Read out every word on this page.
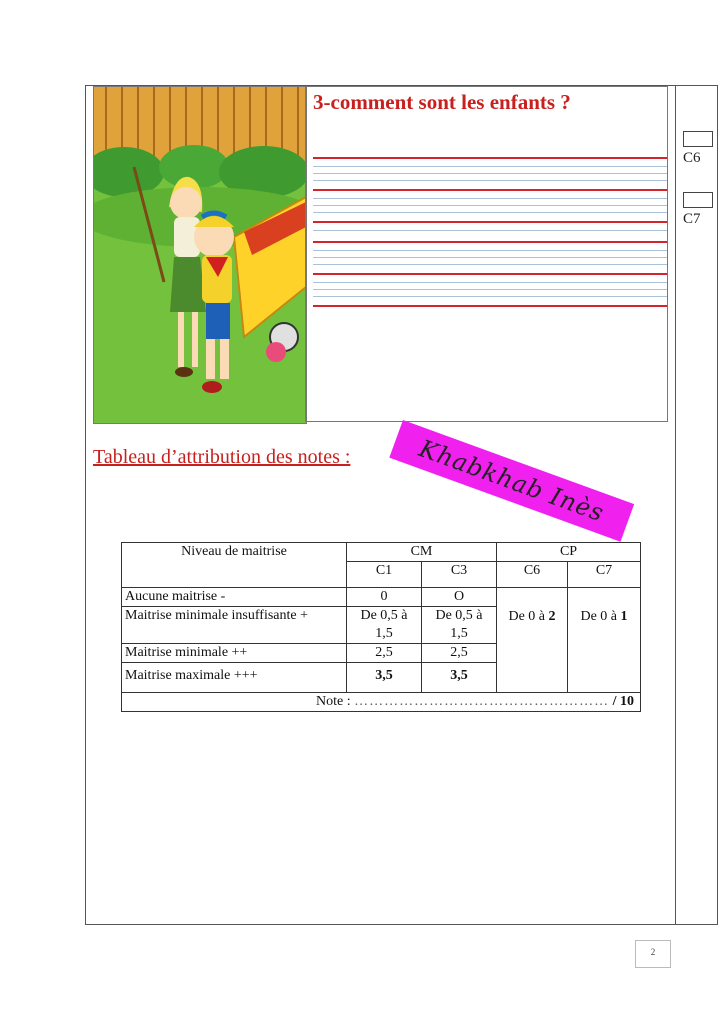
C6
C7
3-comment sont les enfants ?
Khabkhab Inès
Tableau d’attribution des notes :
Niveau de maitrise	CM		CP	
	C1	C3	C6	C7
Aucune maitrise -	0	O	De 0 à 2	De 0 à 1
Maitrise minimale insuffisante +	De 0,5 à 1,5	De 0,5 à 1,5		
Maitrise minimale ++	2,5	2,5		
Maitrise maximale +++	3,5	3,5		
Note : …………………………………………… / 10				
2
